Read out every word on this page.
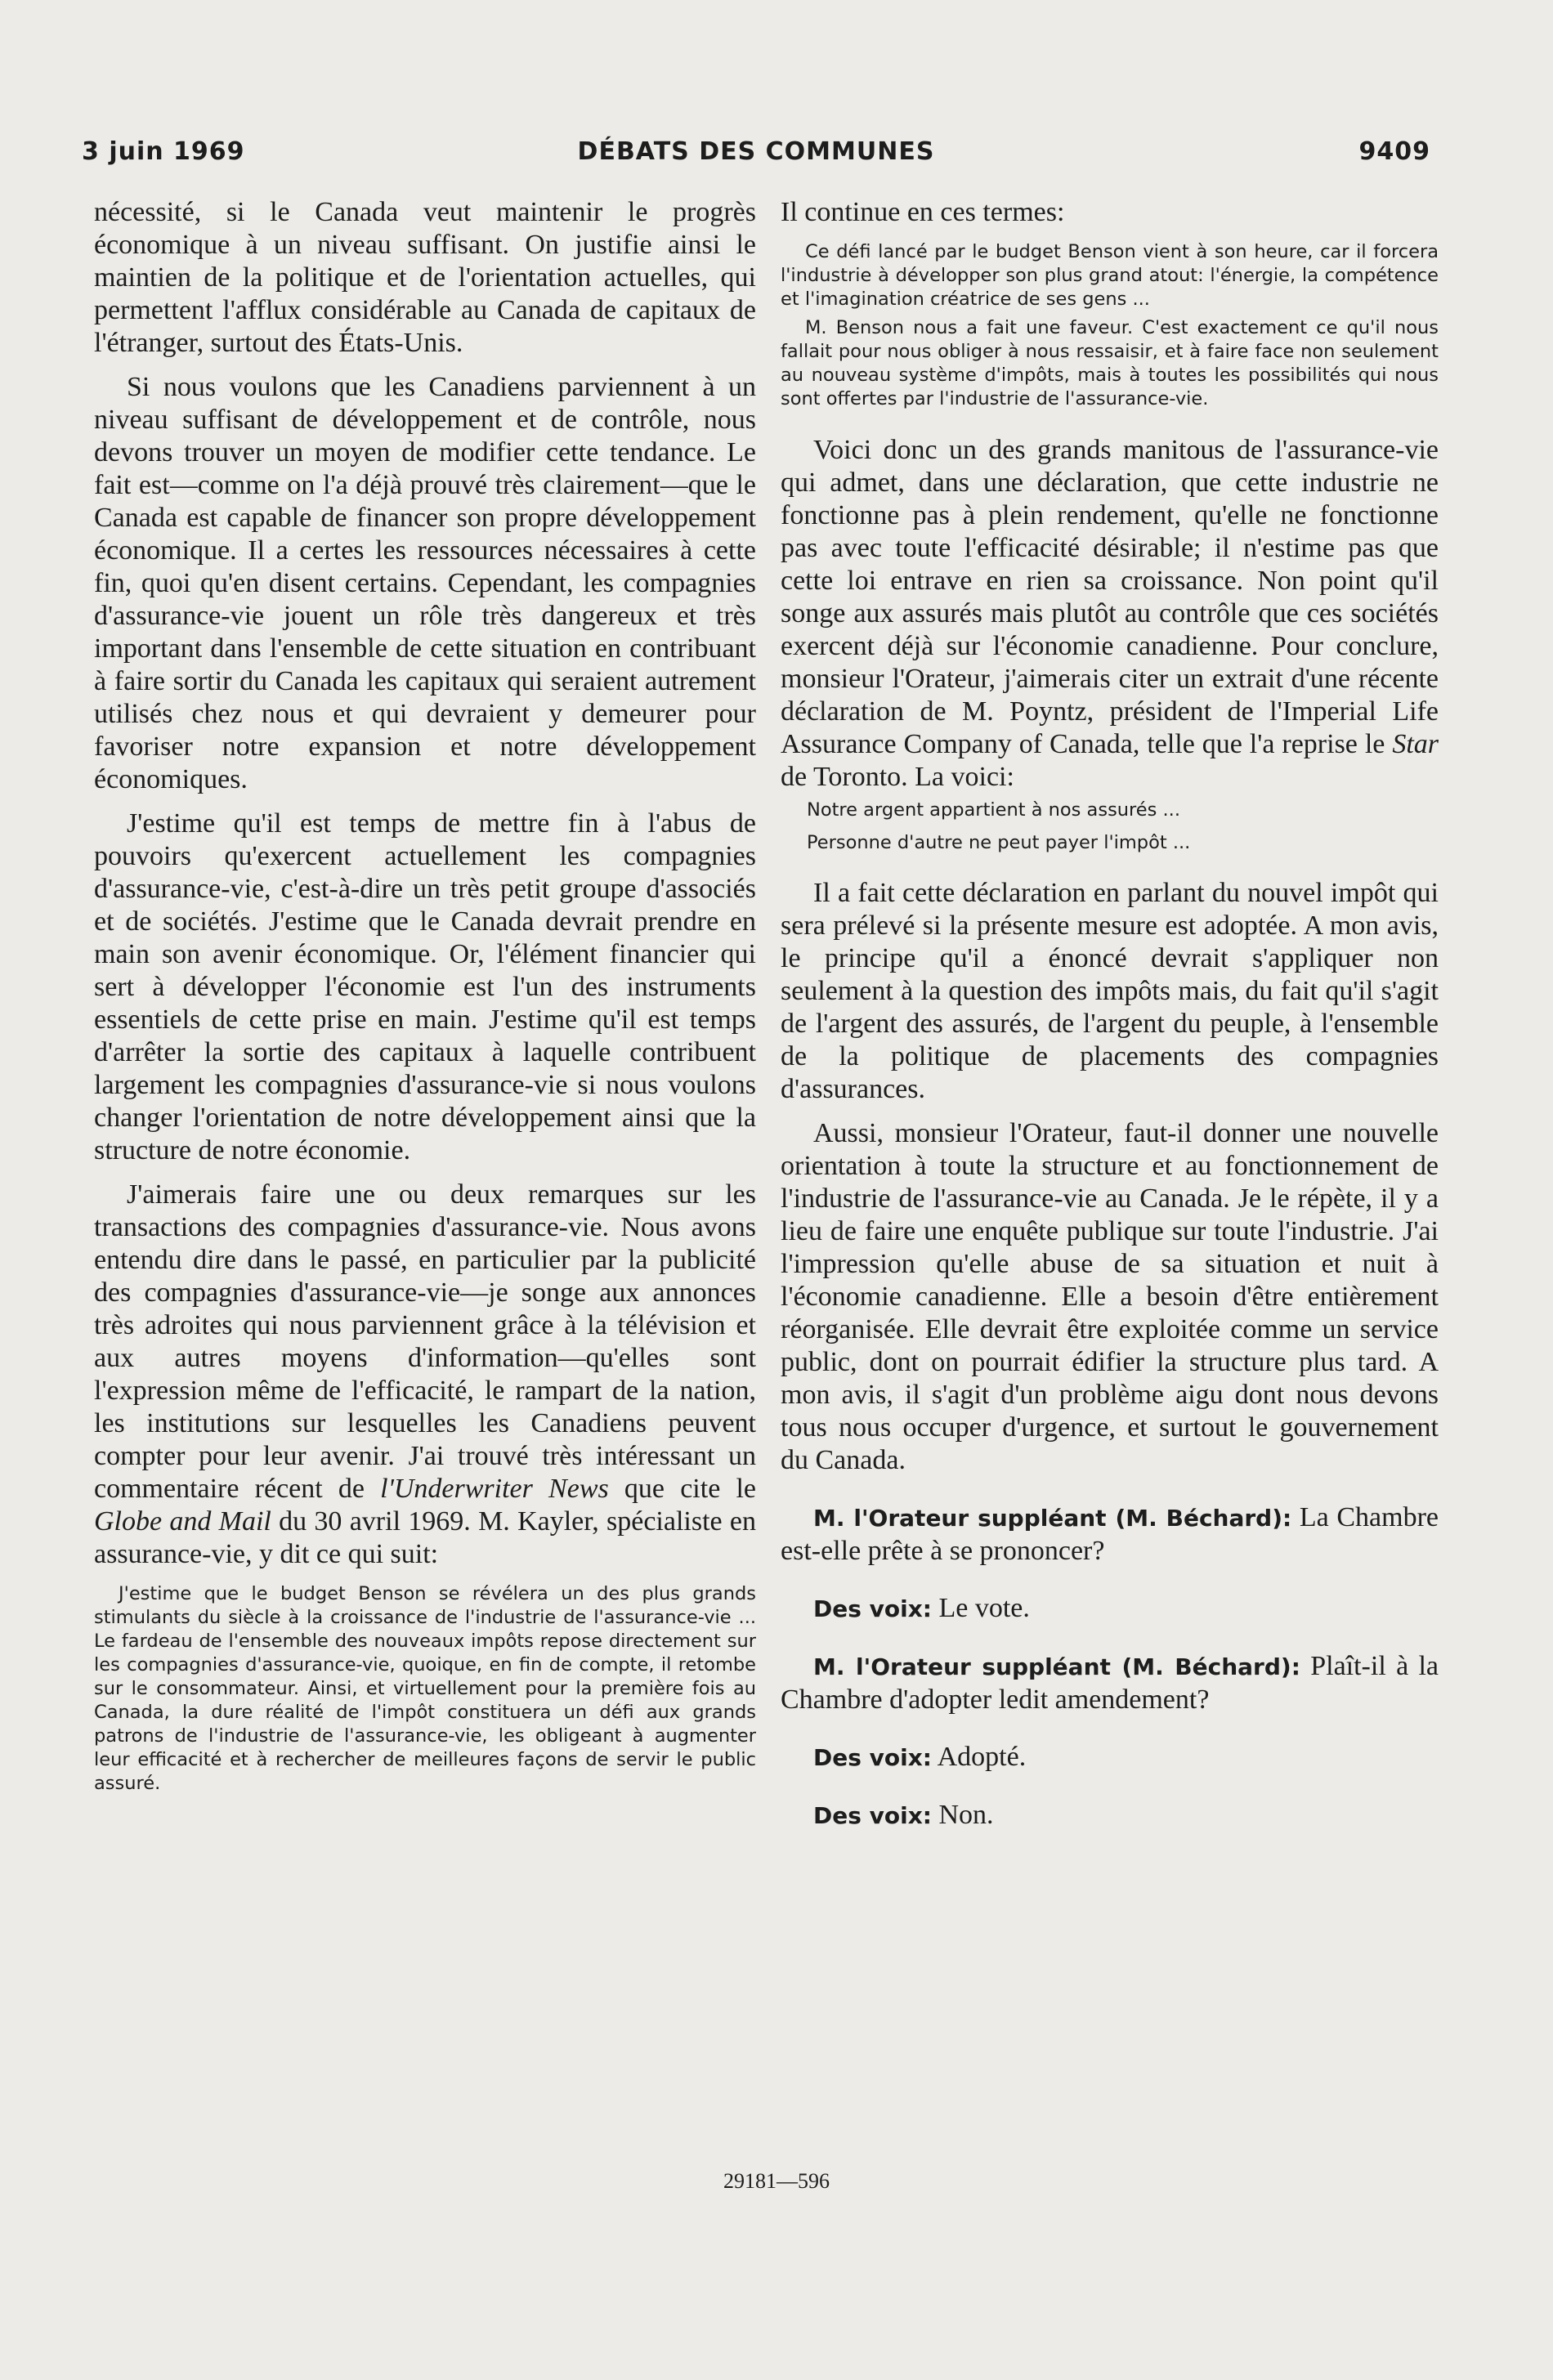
3 juin 1969	DÉBATS DES COMMUNES	9409

nécessité, si le Canada veut maintenir le progrès économique à un niveau suffisant. On justifie ainsi le maintien de la politique et de l'orientation actuelles, qui permettent l'afflux considérable au Canada de capitaux de l'étranger, surtout des États-Unis.

Si nous voulons que les Canadiens parviennent à un niveau suffisant de développement et de contrôle, nous devons trouver un moyen de modifier cette tendance. Le fait est—comme on l'a déjà prouvé très clairement—que le Canada est capable de financer son propre développement économique. Il a certes les ressources nécessaires à cette fin, quoi qu'en disent certains. Cependant, les compagnies d'assurance-vie jouent un rôle très dangereux et très important dans l'ensemble de cette situation en contribuant à faire sortir du Canada les capitaux qui seraient autrement utilisés chez nous et qui devraient y demeurer pour favoriser notre expansion et notre développement économiques.

J'estime qu'il est temps de mettre fin à l'abus de pouvoirs qu'exercent actuellement les compagnies d'assurance-vie, c'est-à-dire un très petit groupe d'associés et de sociétés. J'estime que le Canada devrait prendre en main son avenir économique. Or, l'élément financier qui sert à développer l'économie est l'un des instruments essentiels de cette prise en main. J'estime qu'il est temps d'arrêter la sortie des capitaux à laquelle contribuent largement les compagnies d'assurance-vie si nous voulons changer l'orientation de notre développement ainsi que la structure de notre économie.

J'aimerais faire une ou deux remarques sur les transactions des compagnies d'assurance-vie. Nous avons entendu dire dans le passé, en particulier par la publicité des compagnies d'assurance-vie—je songe aux annonces très adroites qui nous parviennent grâce à la télévision et aux autres moyens d'information—qu'elles sont l'expression même de l'efficacité, le rampart de la nation, les institutions sur lesquelles les Canadiens peuvent compter pour leur avenir. J'ai trouvé très intéressant un commentaire récent de l'Underwriter News que cite le Globe and Mail du 30 avril 1969. M. Kayler, spécialiste en assurance-vie, y dit ce qui suit:

J'estime que le budget Benson se révélera un des plus grands stimulants du siècle à la croissance de l'industrie de l'assurance-vie ... Le fardeau de l'ensemble des nouveaux impôts repose directement sur les compagnies d'assurance-vie, quoique, en fin de compte, il retombe sur le consommateur. Ainsi, et virtuellement pour la première fois au Canada, la dure réalité de l'impôt constituera un défi aux grands patrons de l'industrie de l'assurance-vie, les obligeant à augmenter leur efficacité et à rechercher de meilleures façons de servir le public assuré.

Il continue en ces termes:

Ce défi lancé par le budget Benson vient à son heure, car il forcera l'industrie à développer son plus grand atout: l'énergie, la compétence et l'imagination créatrice de ses gens ...

M. Benson nous a fait une faveur. C'est exactement ce qu'il nous fallait pour nous obliger à nous ressaisir, et à faire face non seulement au nouveau système d'impôts, mais à toutes les possibilités qui nous sont offertes par l'industrie de l'assurance-vie.

Voici donc un des grands manitous de l'assurance-vie qui admet, dans une déclaration, que cette industrie ne fonctionne pas à plein rendement, qu'elle ne fonctionne pas avec toute l'efficacité désirable; il n'estime pas que cette loi entrave en rien sa croissance. Non point qu'il songe aux assurés mais plutôt au contrôle que ces sociétés exercent déjà sur l'économie canadienne. Pour conclure, monsieur l'Orateur, j'aimerais citer un extrait d'une récente déclaration de M. Poyntz, président de l'Imperial Life Assurance Company of Canada, telle que l'a reprise le Star de Toronto. La voici:

Notre argent appartient à nos assurés ...
Personne d'autre ne peut payer l'impôt ...

Il a fait cette déclaration en parlant du nouvel impôt qui sera prélevé si la présente mesure est adoptée. A mon avis, le principe qu'il a énoncé devrait s'appliquer non seulement à la question des impôts mais, du fait qu'il s'agit de l'argent des assurés, de l'argent du peuple, à l'ensemble de la politique de placements des compagnies d'assurances.

Aussi, monsieur l'Orateur, faut-il donner une nouvelle orientation à toute la structure et au fonctionnement de l'industrie de l'assurance-vie au Canada. Je le répète, il y a lieu de faire une enquête publique sur toute l'industrie. J'ai l'impression qu'elle abuse de sa situation et nuit à l'économie canadienne. Elle a besoin d'être entièrement réorganisée. Elle devrait être exploitée comme un service public, dont on pourrait édifier la structure plus tard. A mon avis, il s'agit d'un problème aigu dont nous devons tous nous occuper d'urgence, et surtout le gouvernement du Canada.

M. l'Orateur suppléant (M. Béchard): La Chambre est-elle prête à se prononcer?

Des voix: Le vote.

M. l'Orateur suppléant (M. Béchard): Plaît-il à la Chambre d'adopter ledit amendement?

Des voix: Adopté.

Des voix: Non.

29181—596
